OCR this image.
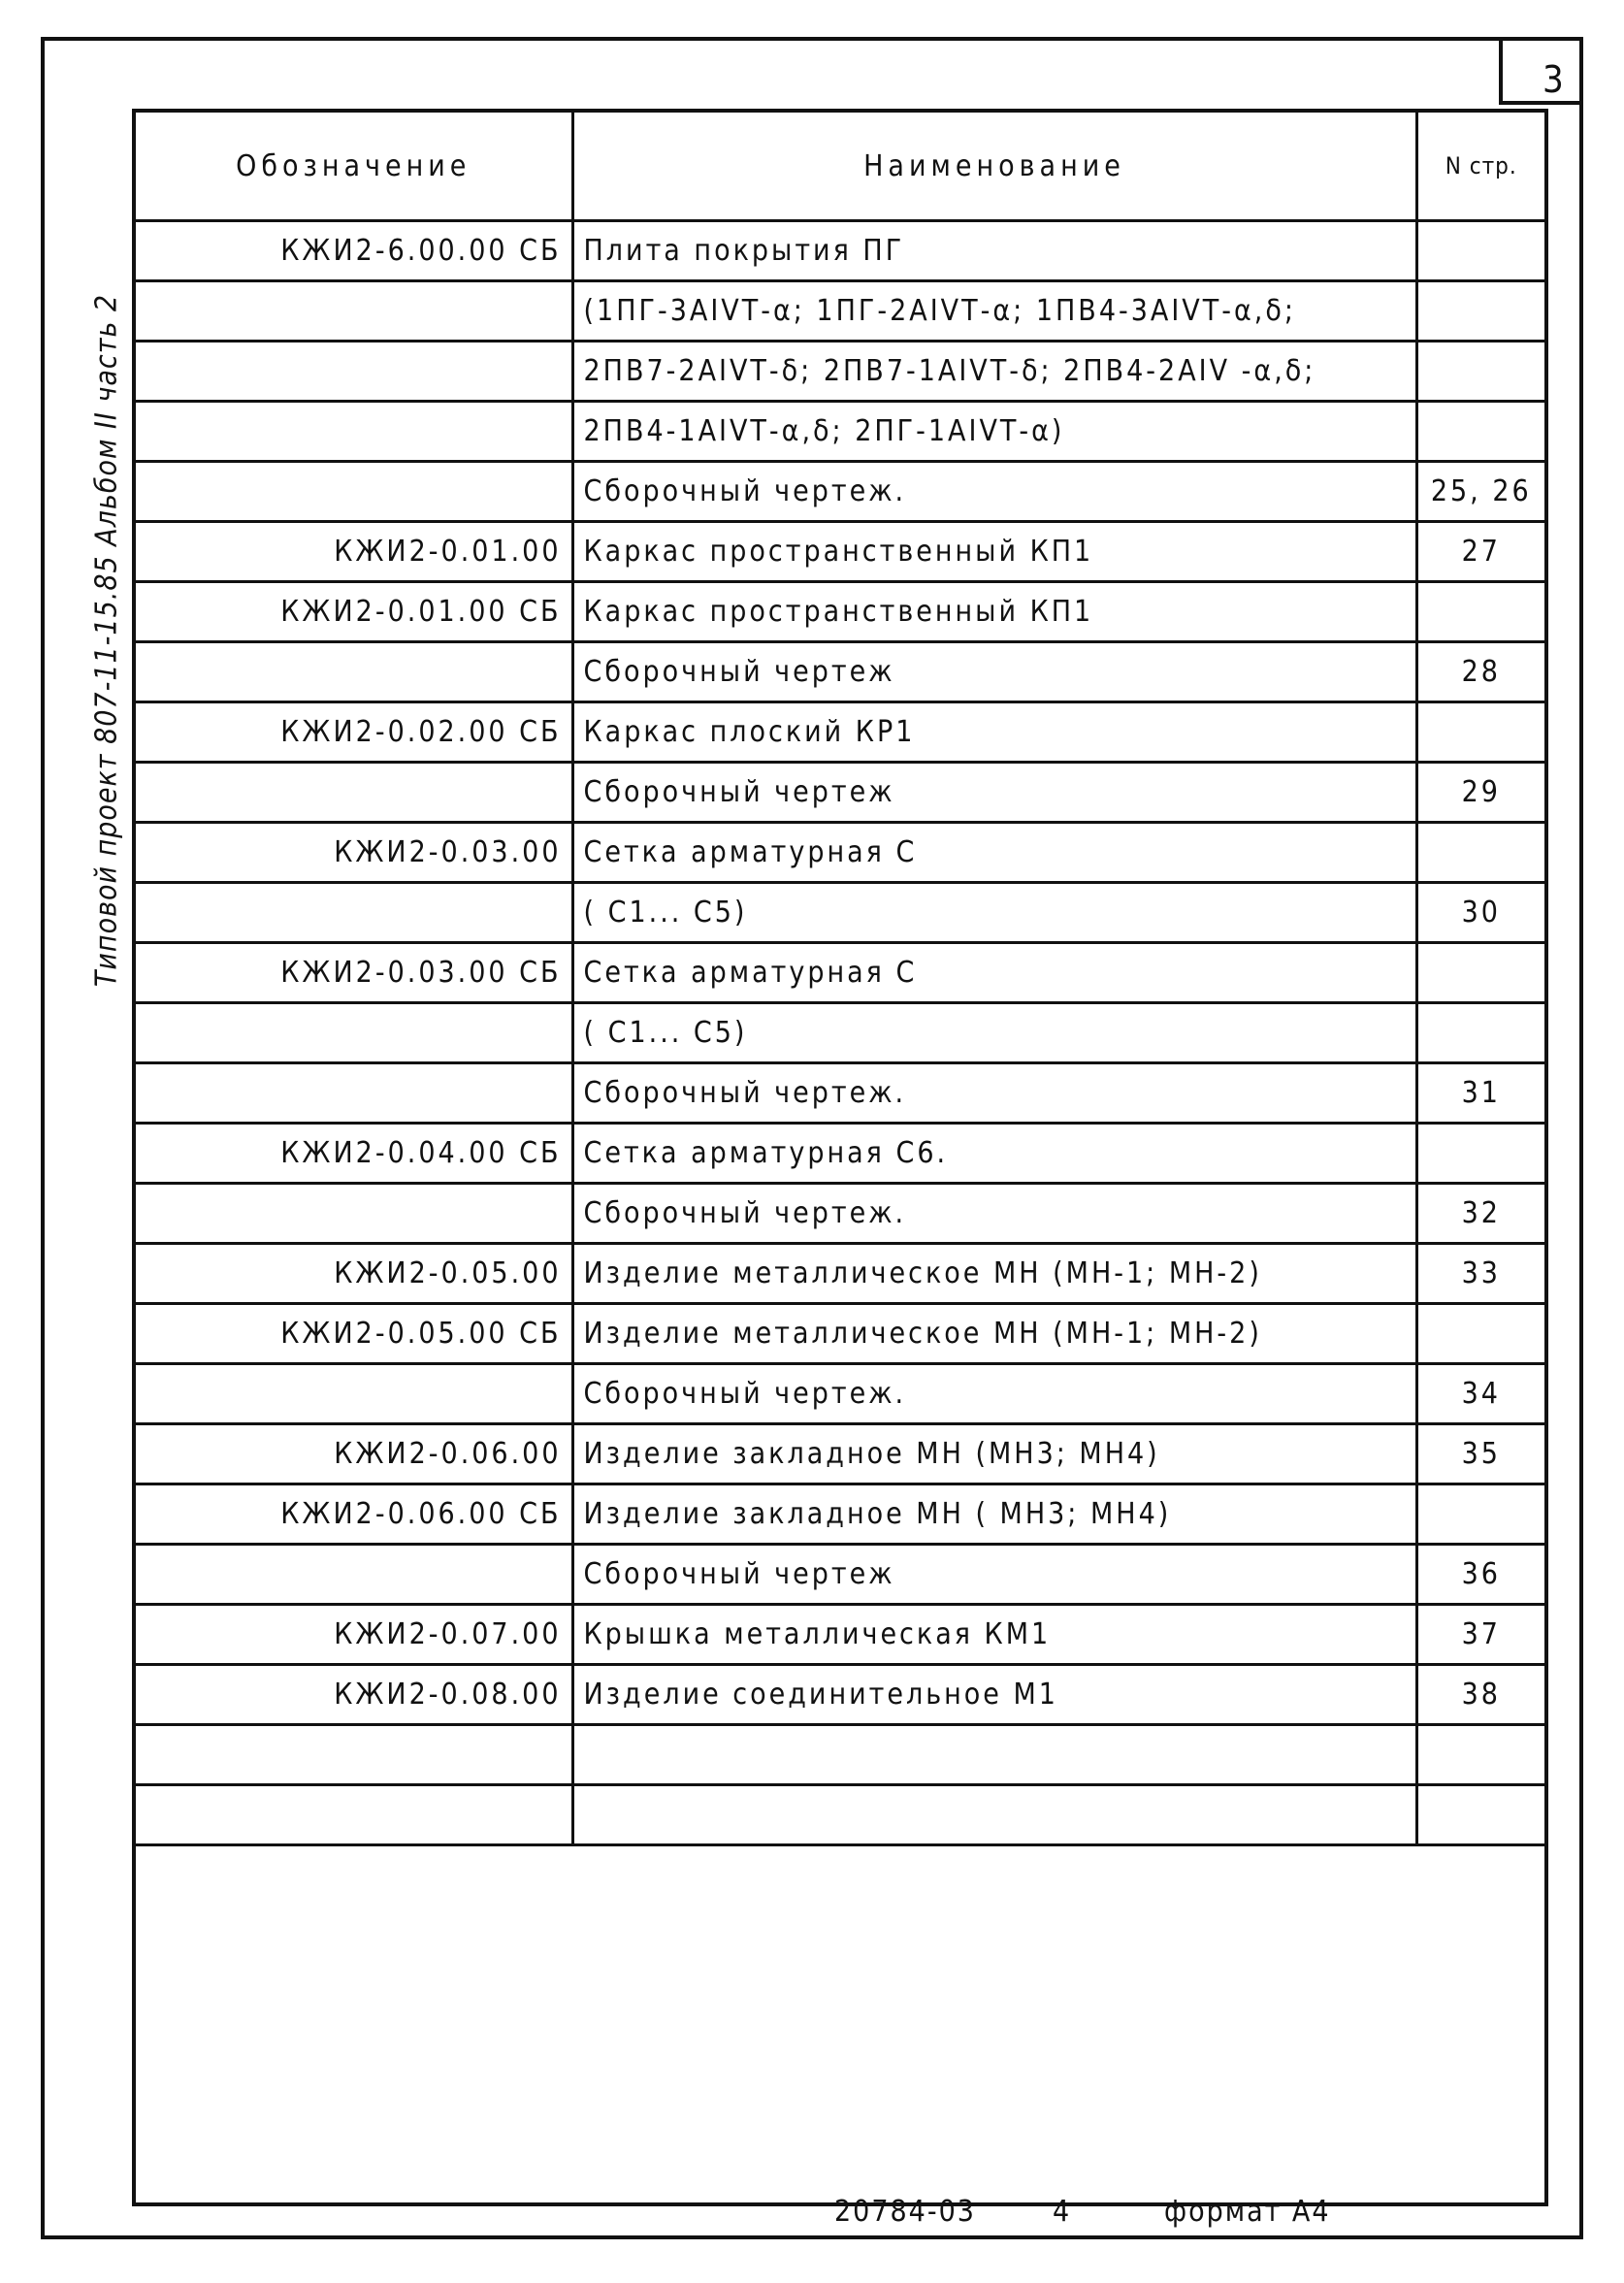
3
Типовой проект 807-11-15.85 Альбом II часть 2
Обозначение	Наименование	N стр.
КЖИ2-6.00.00 СБ	Плита покрытия ПГ	
	(1ПГ-3АIVТ-α; 1ПГ-2АIVТ-α; 1ПВ4-3АIVТ-α,δ;	
	2ПВ7-2АIVТ-δ; 2ПВ7-1АIVТ-δ; 2ПВ4-2АIV -α,δ;	
	2ПВ4-1АIVТ-α,δ; 2ПГ-1АIVТ-α)	
	Сборочный чертеж.	25, 26
КЖИ2-0.01.00	Каркас пространственный КП1	27
КЖИ2-0.01.00 СБ	Каркас пространственный КП1	
	Сборочный чертеж	28
КЖИ2-0.02.00 СБ	Каркас плоский КР1	
	Сборочный чертеж	29
КЖИ2-0.03.00	Сетка арматурная С	
	( С1... С5)	30
КЖИ2-0.03.00 СБ	Сетка арматурная С	
	( С1... С5)	
	Сборочный чертеж.	31
КЖИ2-0.04.00 СБ	Сетка арматурная С6.	
	Сборочный чертеж.	32
КЖИ2-0.05.00	Изделие металлическое МН (МН-1; МН-2)	33
КЖИ2-0.05.00 СБ	Изделие металлическое МН (МН-1; МН-2)	
	Сборочный чертеж.	34
КЖИ2-0.06.00	Изделие закладное МН (МН3; МН4)	35
КЖИ2-0.06.00 СБ	Изделие закладное МН ( МН3; МН4)	
	Сборочный чертеж	36
КЖИ2-0.07.00	Крышка металлическая КМ1	37
КЖИ2-0.08.00	Изделие соединительное М1	38

20784-03	4	формат А4
